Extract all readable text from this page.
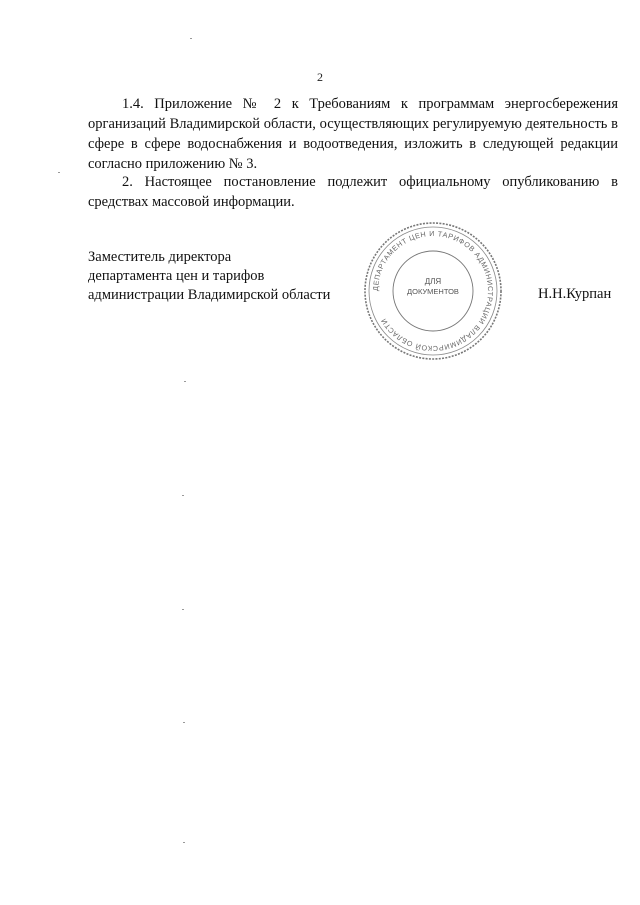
2
1.4. Приложение № 2 к Требованиям к программам энергосбережения
организаций Владимирской области, осуществляющих регулируемую деятельность в
сфере в сфере водоснабжения и водоотведения, изложить в следующей редакции
согласно приложению № 3.
2. Настоящее постановление подлежит официальному опубликованию в
средствах массовой информации.
Заместитель директора
департамента цен и тарифов
администрации Владимирской области	ДЕПАРТАМЕНТ ЦЕН И ТАРИФОВ АДМИНИСТРАЦИИ ВЛАДИМИРСКОЙ ОБЛАСТИ
ДЛЯ
ДОКУМЕНТОВ	Н.Н.Курпан
